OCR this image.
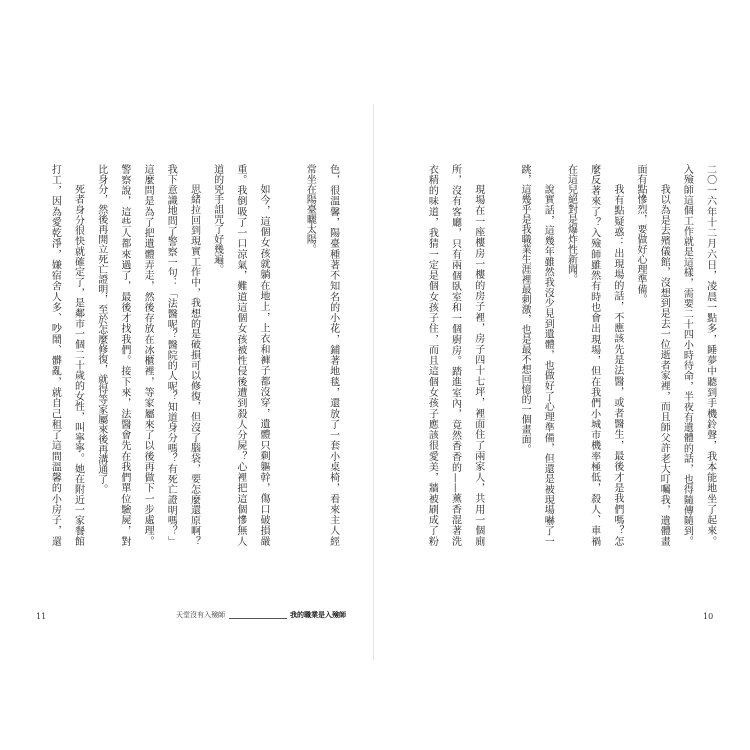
色，很溫馨，陽臺種著不知名的小花，鋪著地毯，還放了一套小桌椅，看來主人經
常坐在陽臺曬太陽。
如今，這個女孩就躺在地上，上衣和褲子都沒穿，遺體只剩軀幹，傷口破損嚴
重。我倒吸了一口涼氣，難道這個女孩被性侵後遭到殺人分屍？心裡把這個慘無人
道的兇手詛咒了好幾遍。
思緒拉回到現實工作中，我想的是破損可以修復，但沒了腦袋，要怎麼還原啊？
我下意識地問了警察一句：「法醫呢？醫院的人呢？知道身分嗎？有死亡證明嗎？」
這麼問是為了把遺體弄走，然後存放在冰櫃裡，等家屬來了以後再做下一步處理。
警察說，這些人都來過了，最後才找我們。接下來，法醫會先在我們單位驗屍，對
比身分，然後再開立死亡證明，至於怎麼修復，就得等家屬來後再溝通了。
死者身分很快就確定了，是鄰市一個二十歲的女性，叫寧寧。她在附近一家餐館
打工，因為愛乾淨，嫌宿舍人多、吵鬧、髒亂，就自己租了這間溫馨的小房子，還	二〇一六年十二月六日，凌晨一點多，睡夢中聽到手機鈴聲，我本能地坐了起來。
入殮師這個工作就是這樣，需要二十四小時待命，半夜有遺體的話，也得隨傳隨到。
我以為是去殯儀館，沒想到是去一位逝者家裡，而且師父許老大叮囑我，遺體畫
面有點慘烈，要做好心理準備。
我有點疑惑：出現場的話，不應該先是法醫，或者醫生，最後才是我們嗎？怎
麼反著來了？入殮師雖然有時也會出現場，但在我們小城市機率極低，殺人、車禍
在這兒絕對是爆炸性新聞。
說實話，這幾年雖然我沒少見到遺體，也做好了心理準備，但還是被現場嚇了一
跳，這幾乎是我職業生涯裡最刺激，也是最不想回憶的一個畫面。
現場在一座樓房一樓的房子裡，房子四十七坪，裡面住了兩家人，共用一個廁
所，沒有客廳，只有兩個臥室和一個廚房。踏進室內，竟然香香的——薰香混著洗
衣精的味道，我猜一定是個女孩子住，而且這個女孩子應該很愛美，牆被刷成了粉
11	天堂沒有入殮師	我的職業是入殮師	10
